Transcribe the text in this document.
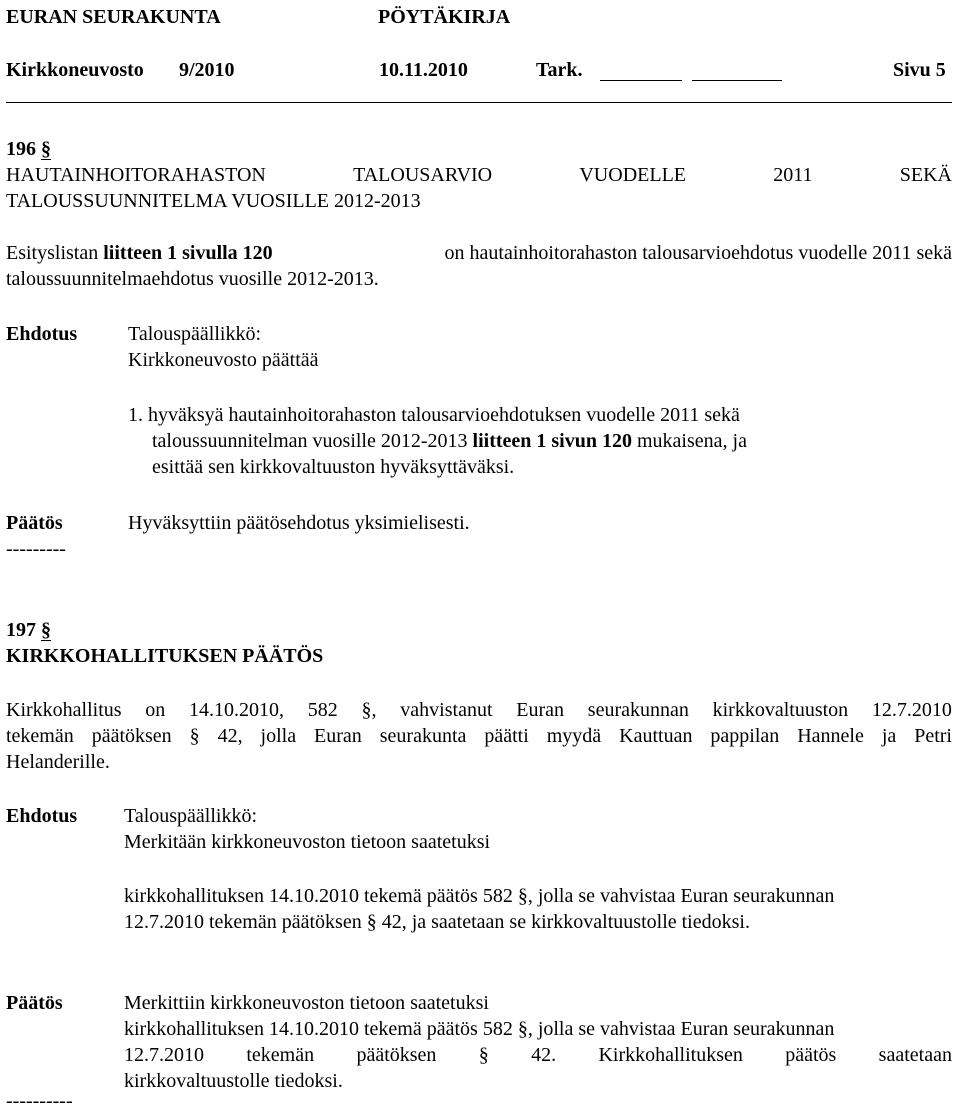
EURAN SEURAKUNTA	PÖYTÄKIRJA
Kirkkoneuvosto 9/2010	10.11.2010	Tark.	Sivu 5
196 §
HAUTAINHOITORAHASTON	TALOUSARVIO	VUODELLE	2011	SEKÄ
TALOUSSUUNNITELMA VUOSILLE 2012-2013
Esityslistan liitteen 1 sivulla 120	on hautainhoitorahaston talousarvioehdotus vuodelle 2011 sekä
taloussuunnitelmaehdotus vuosille 2012-2013.
Ehdotus	Talouspäällikkö:
Kirkkoneuvosto päättää
1. hyväksyä hautainhoitorahaston talousarvioehdotuksen vuodelle 2011 sekä
taloussuunnitelman vuosille 2012-2013 liitteen 1 sivun 120 mukaisena, ja
esittää sen kirkkovaltuuston hyväksyttäväksi.
Päätös	Hyväksyttiin päätösehdotus yksimielisesti.
---------
197 §
KIRKKOHALLITUKSEN PÄÄTÖS
Kirkkohallitus on 14.10.2010, 582 §, vahvistanut Euran seurakunnan kirkkovaltuuston 12.7.2010
tekemän päätöksen § 42, jolla Euran seurakunta päätti myydä Kauttuan pappilan Hannele ja Petri
Helanderille.
Ehdotus Talouspäällikkö:
Merkitään kirkkoneuvoston tietoon saatetuksi
kirkkohallituksen 14.10.2010 tekemä päätös 582 §, jolla se vahvistaa Euran seurakunnan
12.7.2010 tekemän päätöksen § 42, ja saatetaan se kirkkovaltuustolle tiedoksi.
Päätös	Merkittiin kirkkoneuvoston tietoon saatetuksi
kirkkohallituksen 14.10.2010 tekemä päätös 582 §, jolla se vahvistaa Euran seurakunnan
12.7.2010 tekemän päätöksen § 42. Kirkkohallituksen päätös saatetaan
kirkkovaltuustolle tiedoksi.
----------
